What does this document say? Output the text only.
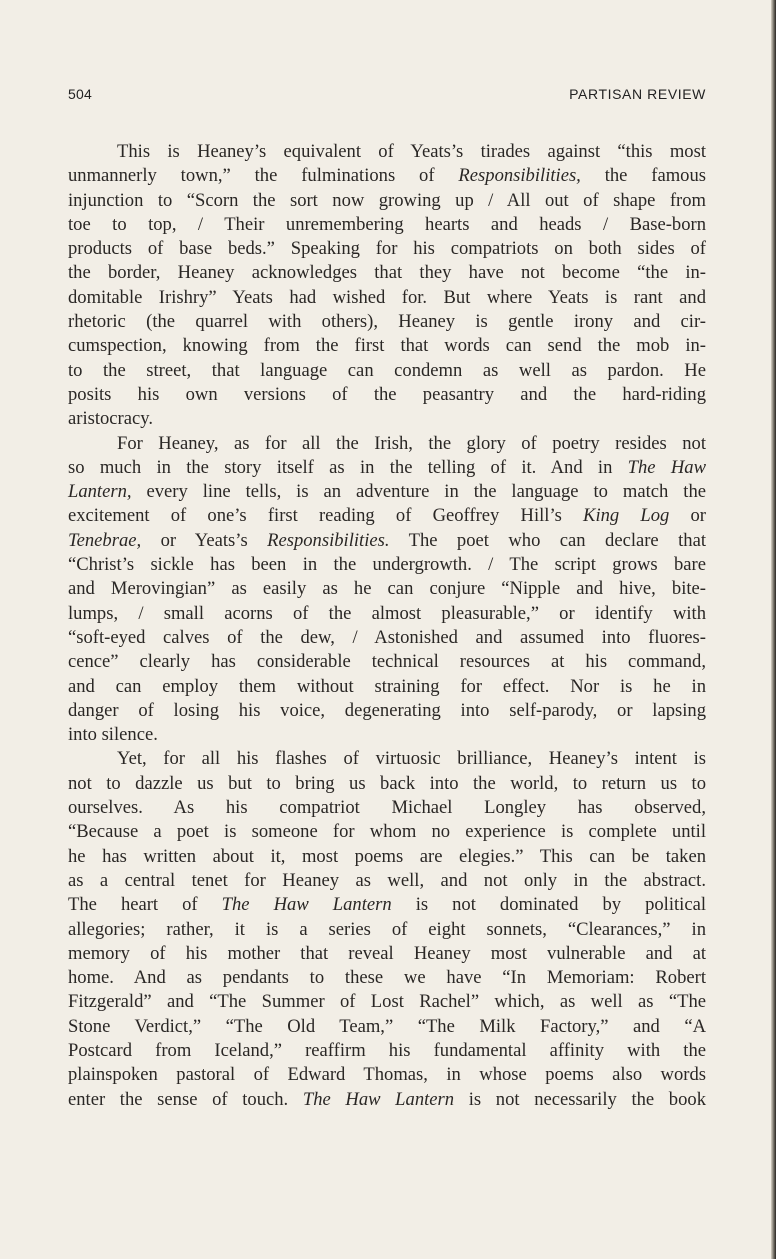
504	PARTISAN REVIEW
This is Heaney’s equivalent of Yeats’s tirades against “this most
unmannerly town,” the fulminations of Responsibilities, the famous
injunction to “Scorn the sort now growing up / All out of shape from
toe to top, / Their unremembering hearts and heads / Base-born
products of base beds.” Speaking for his compatriots on both sides of
the border, Heaney acknowledges that they have not become “the in-
domitable Irishry” Yeats had wished for. But where Yeats is rant and
rhetoric (the quarrel with others), Heaney is gentle irony and cir-
cumspection, knowing from the first that words can send the mob in-
to the street, that language can condemn as well as pardon. He
posits his own versions of the peasantry and the hard-riding
aristocracy.
For Heaney, as for all the Irish, the glory of poetry resides not
so much in the story itself as in the telling of it. And in The Haw
Lantern, every line tells, is an adventure in the language to match the
excitement of one’s first reading of Geoffrey Hill’s King Log or
Tenebrae, or Yeats’s Responsibilities. The poet who can declare that
“Christ’s sickle has been in the undergrowth. / The script grows bare
and Merovingian” as easily as he can conjure “Nipple and hive, bite-
lumps, / small acorns of the almost pleasurable,” or identify with
“soft-eyed calves of the dew, / Astonished and assumed into fluores-
cence” clearly has considerable technical resources at his command,
and can employ them without straining for effect. Nor is he in
danger of losing his voice, degenerating into self-parody, or lapsing
into silence.
Yet, for all his flashes of virtuosic brilliance, Heaney’s intent is
not to dazzle us but to bring us back into the world, to return us to
ourselves. As his compatriot Michael Longley has observed,
“Because a poet is someone for whom no experience is complete until
he has written about it, most poems are elegies.” This can be taken
as a central tenet for Heaney as well, and not only in the abstract.
The heart of The Haw Lantern is not dominated by political
allegories; rather, it is a series of eight sonnets, “Clearances,” in
memory of his mother that reveal Heaney most vulnerable and at
home. And as pendants to these we have “In Memoriam: Robert
Fitzgerald” and “The Summer of Lost Rachel” which, as well as “The
Stone Verdict,” “The Old Team,” “The Milk Factory,” and “A
Postcard from Iceland,” reaffirm his fundamental affinity with the
plainspoken pastoral of Edward Thomas, in whose poems also words
enter the sense of touch. The Haw Lantern is not necessarily the book
